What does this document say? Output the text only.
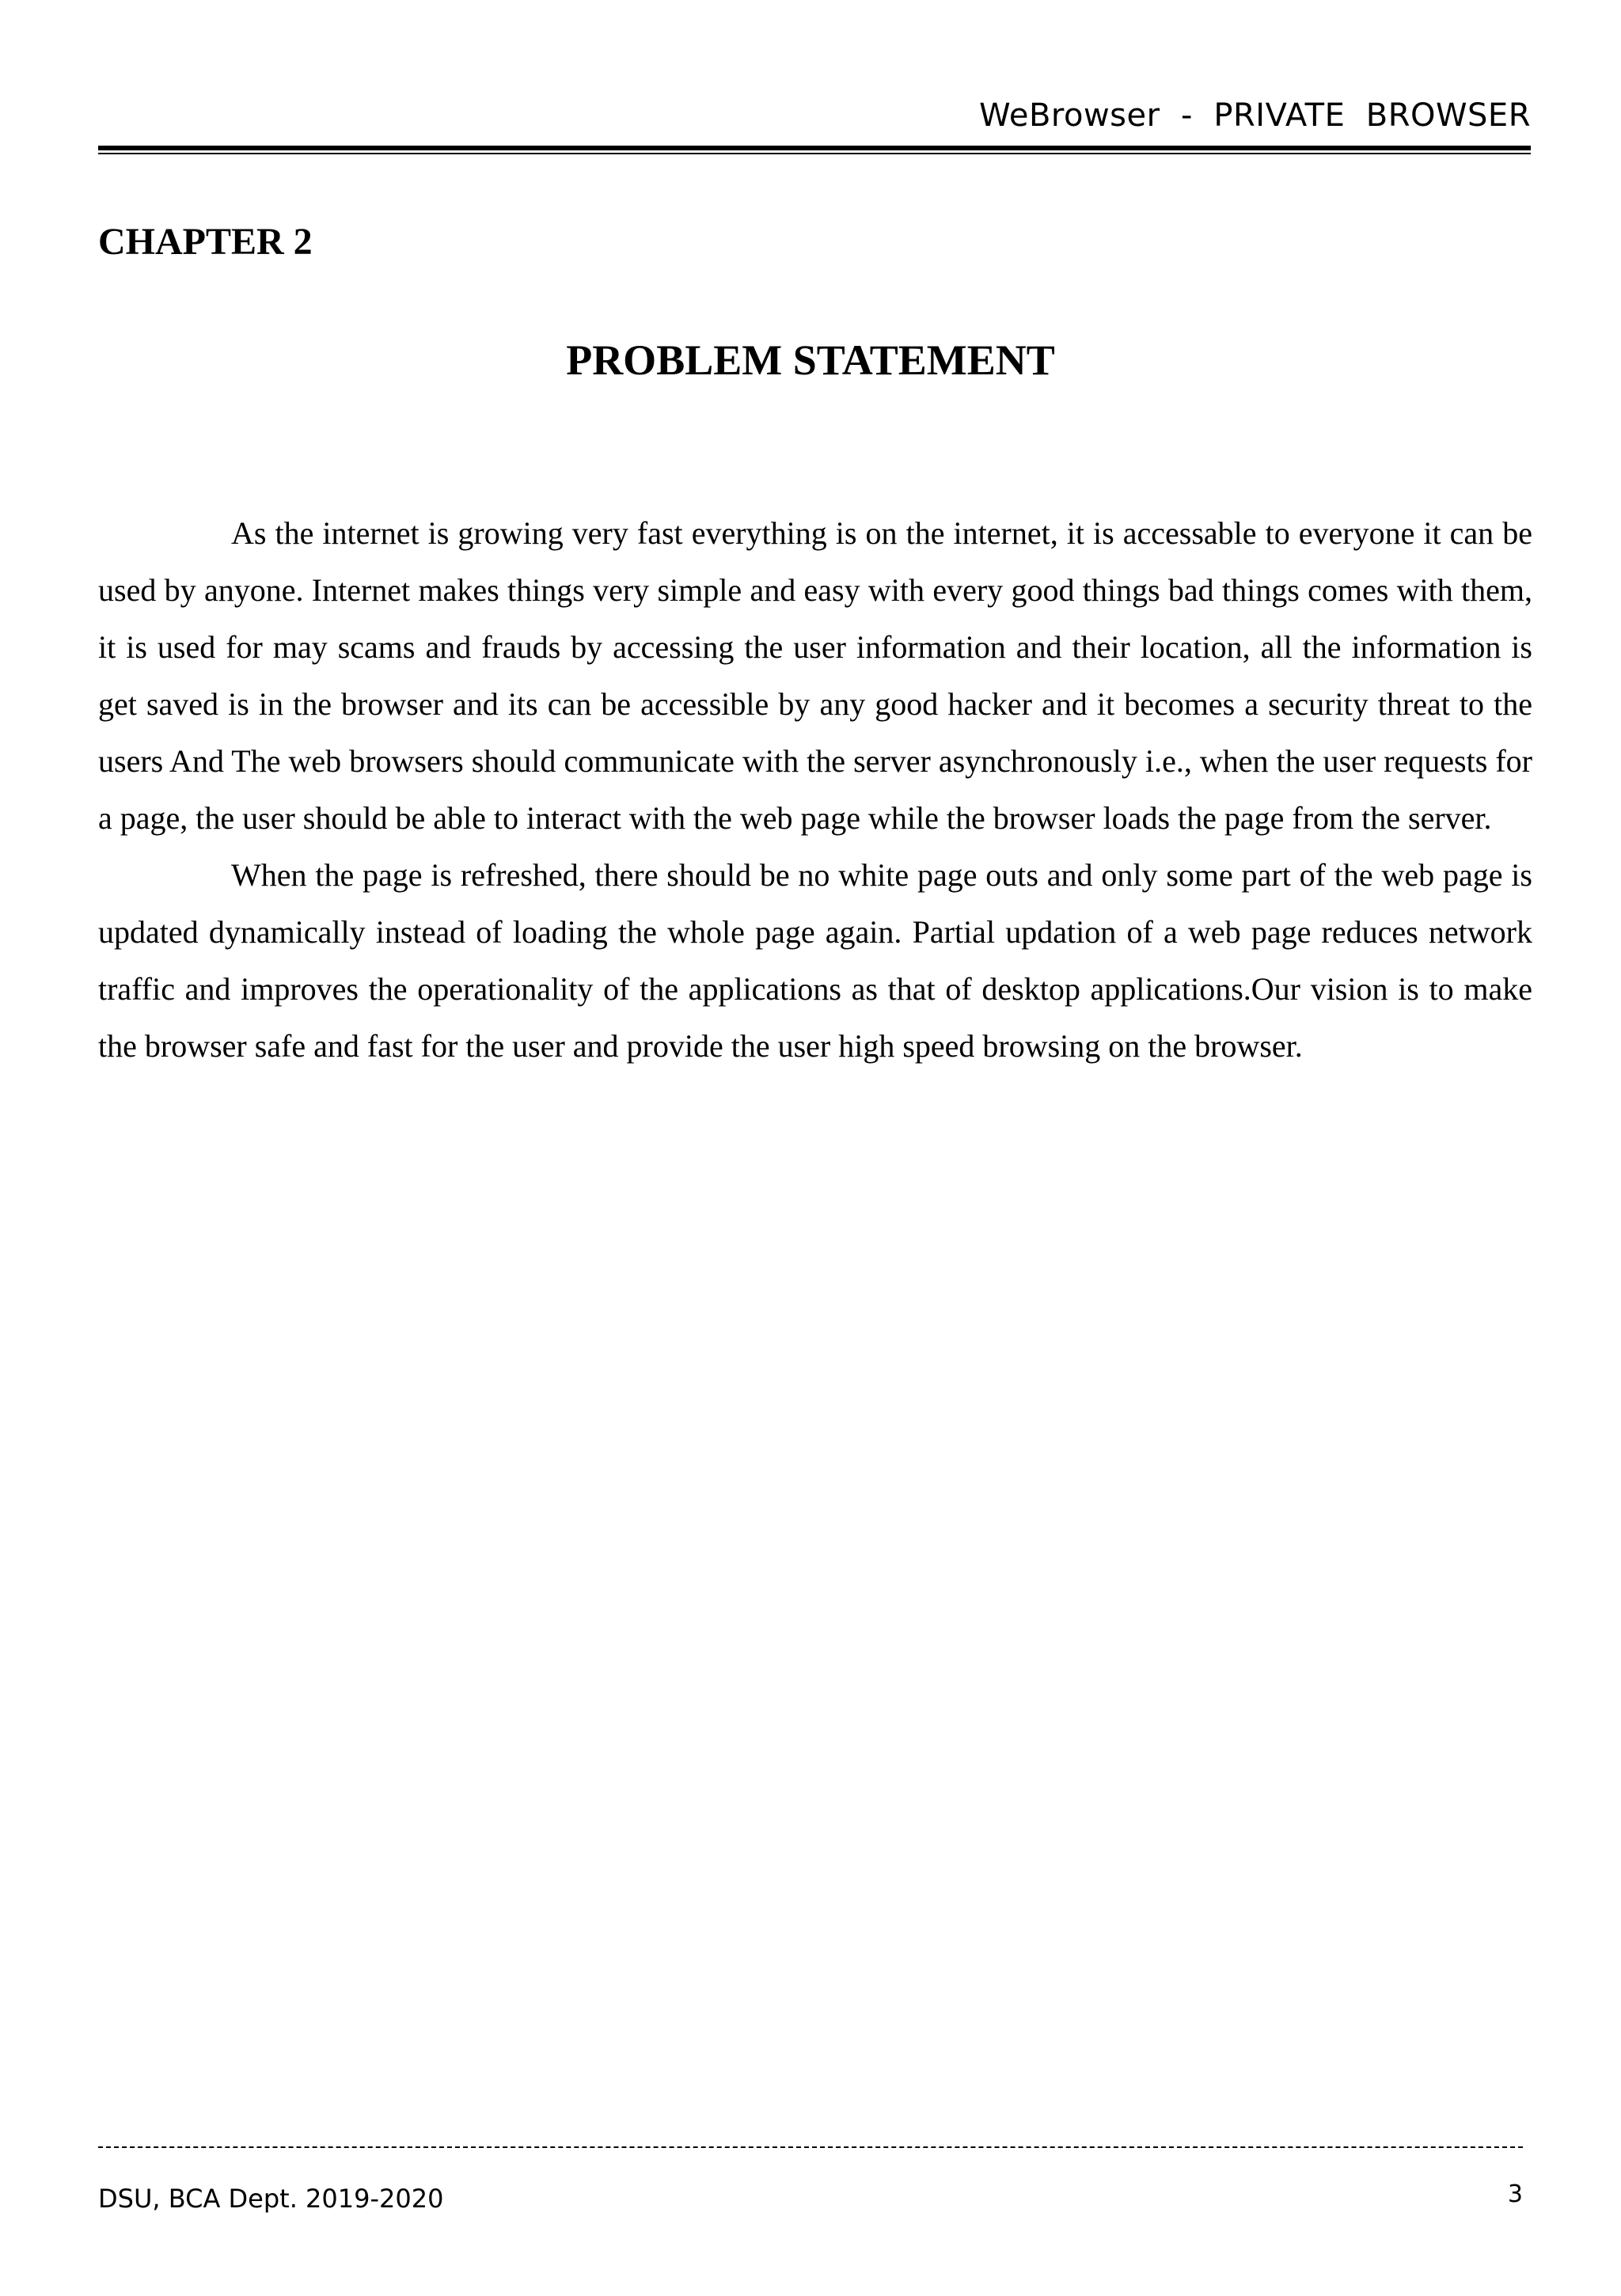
WeBrowser  -  PRIVATE  BROWSER
CHAPTER 2
PROBLEM STATEMENT

As the internet is growing very fast everything is on the internet, it is accessable to everyone it can be used by anyone. Internet makes things very simple and easy with every good things bad things comes with them, it is used for may scams and frauds by accessing the user information and their location, all the information is get saved is in the browser and its can be accessible by any good hacker and it becomes a security threat to the users And The web browsers should communicate with the server asynchronously i.e., when the user requests for a page, the user should be able to interact with the web page while the browser loads the page from the server.

When the page is refreshed, there should be no white page outs and only some part of the web page is updated dynamically instead of loading the whole page again. Partial updation of a web page reduces network traffic and improves the operationality of the applications as that of desktop applications.Our vision is to make the browser safe and fast for the user and provide the user high speed browsing on the browser.

DSU, BCA Dept. 2019-2020	3
